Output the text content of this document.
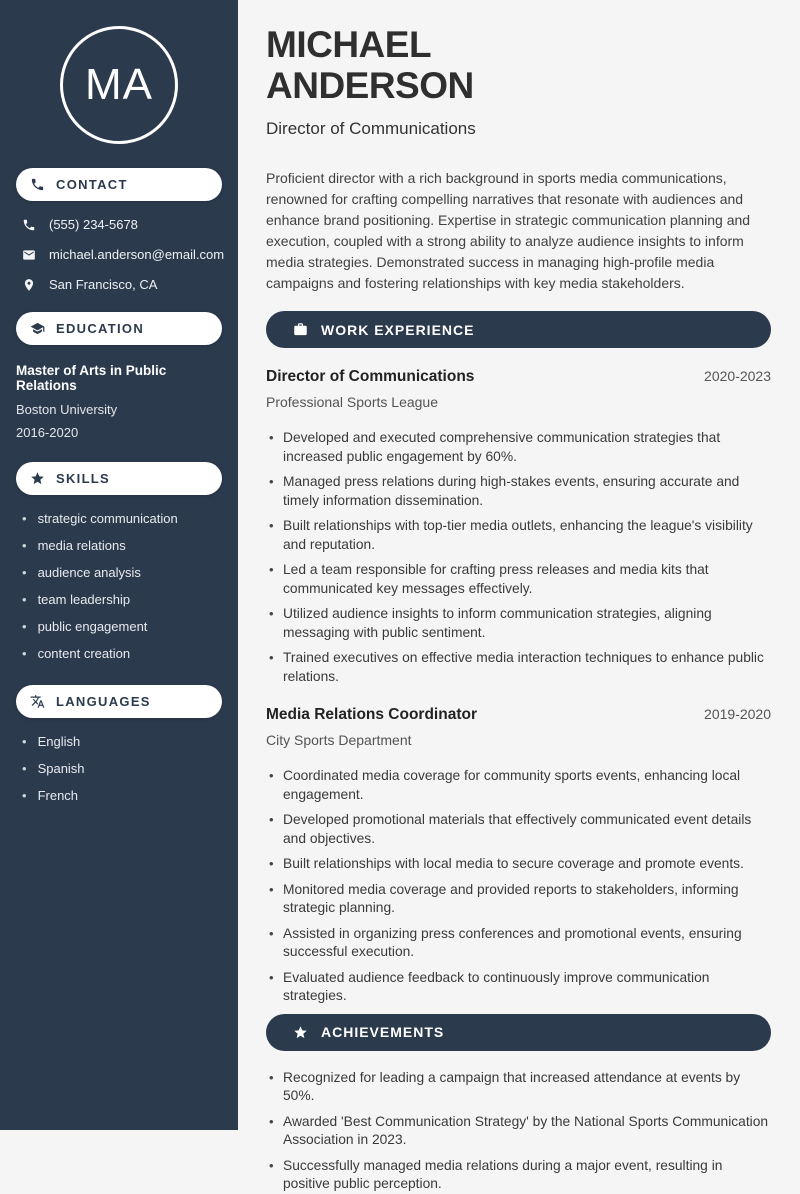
MA
CONTACT
(555) 234-5678
michael.anderson@email.com
San Francisco, CA
EDUCATION
Master of Arts in Public Relations
Boston University
2016-2020
SKILLS
• strategic communication
• media relations
• audience analysis
• team leadership
• public engagement
• content creation
LANGUAGES
• English
• Spanish
• French
MICHAEL
ANDERSON
Director of Communications

Proficient director with a rich background in sports media communications, renowned for crafting compelling narratives that resonate with audiences and enhance brand positioning. Expertise in strategic communication planning and execution, coupled with a strong ability to analyze audience insights to inform media strategies. Demonstrated success in managing high-profile media campaigns and fostering relationships with key media stakeholders.

WORK EXPERIENCE
Director of Communications	2020-2023
Professional Sports League
• Developed and executed comprehensive communication strategies that increased public engagement by 60%.
• Managed press relations during high-stakes events, ensuring accurate and timely information dissemination.
• Built relationships with top-tier media outlets, enhancing the league's visibility and reputation.
• Led a team responsible for crafting press releases and media kits that communicated key messages effectively.
• Utilized audience insights to inform communication strategies, aligning messaging with public sentiment.
• Trained executives on effective media interaction techniques to enhance public relations.
Media Relations Coordinator	2019-2020
City Sports Department
• Coordinated media coverage for community sports events, enhancing local engagement.
• Developed promotional materials that effectively communicated event details and objectives.
• Built relationships with local media to secure coverage and promote events.
• Monitored media coverage and provided reports to stakeholders, informing strategic planning.
• Assisted in organizing press conferences and promotional events, ensuring successful execution.
• Evaluated audience feedback to continuously improve communication strategies.
ACHIEVEMENTS
• Recognized for leading a campaign that increased attendance at events by 50%.
• Awarded 'Best Communication Strategy' by the National Sports Communication Association in 2023.
• Successfully managed media relations during a major event, resulting in positive public perception.
